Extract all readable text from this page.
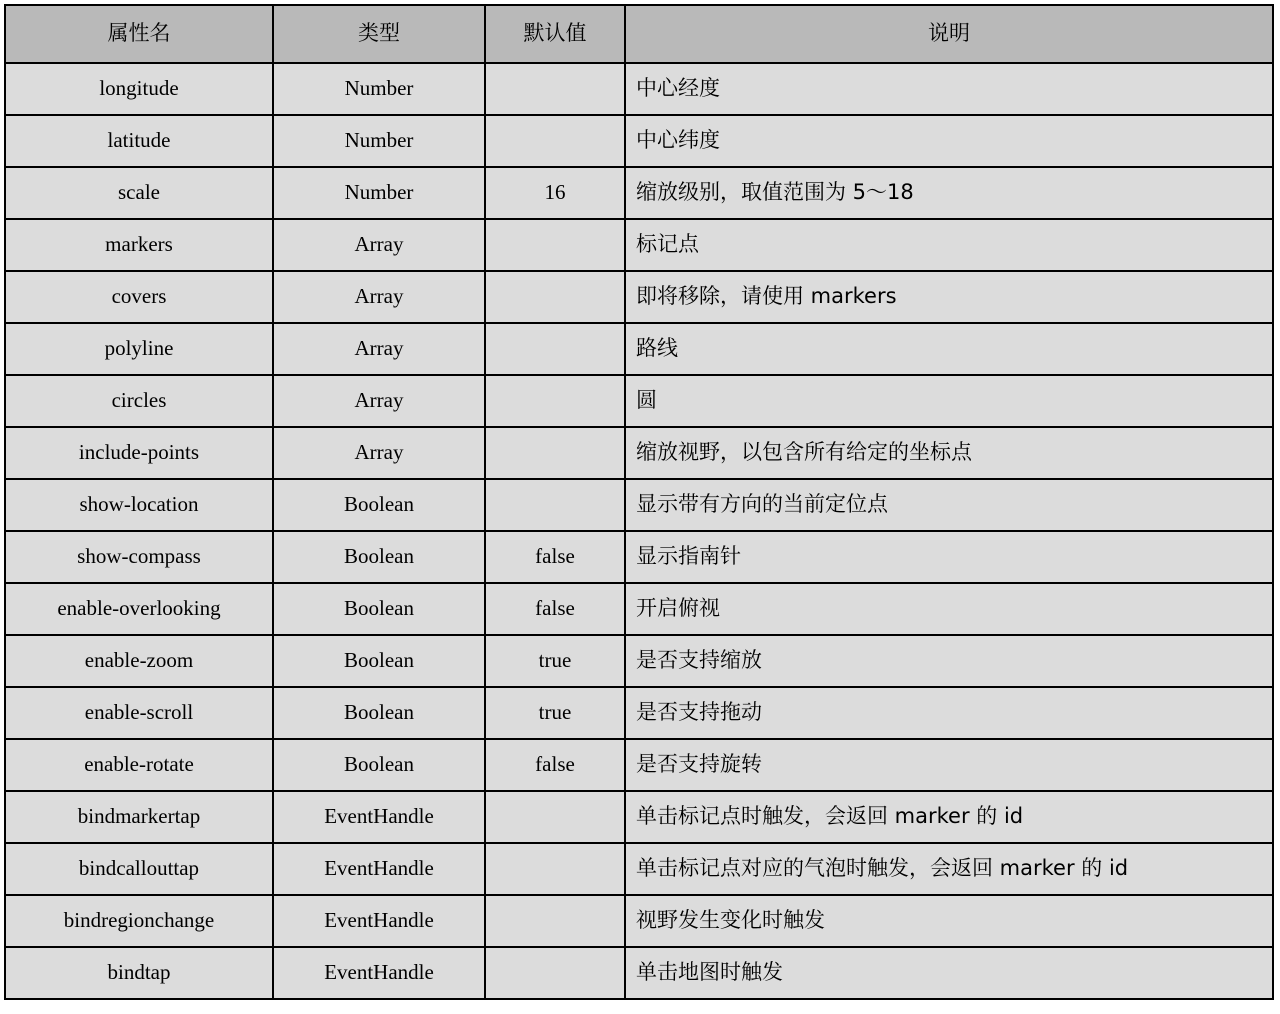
属性名	类型	默认值	说明
longitude	Number		中心经度
latitude	Number		中心纬度
scale	Number	16	缩放级别，取值范围为 5～18
markers	Array		标记点
covers	Array		即将移除，请使用 markers
polyline	Array		路线
circles	Array		圆
include-points	Array		缩放视野，以包含所有给定的坐标点
show-location	Boolean		显示带有方向的当前定位点
show-compass	Boolean	false	显示指南针
enable-overlooking	Boolean	false	开启俯视
enable-zoom	Boolean	true	是否支持缩放
enable-scroll	Boolean	true	是否支持拖动
enable-rotate	Boolean	false	是否支持旋转
bindmarkertap	EventHandle		单击标记点时触发，会返回 marker 的 id
bindcallouttap	EventHandle		单击标记点对应的气泡时触发，会返回 marker 的 id
bindregionchange	EventHandle		视野发生变化时触发
bindtap	EventHandle		单击地图时触发
